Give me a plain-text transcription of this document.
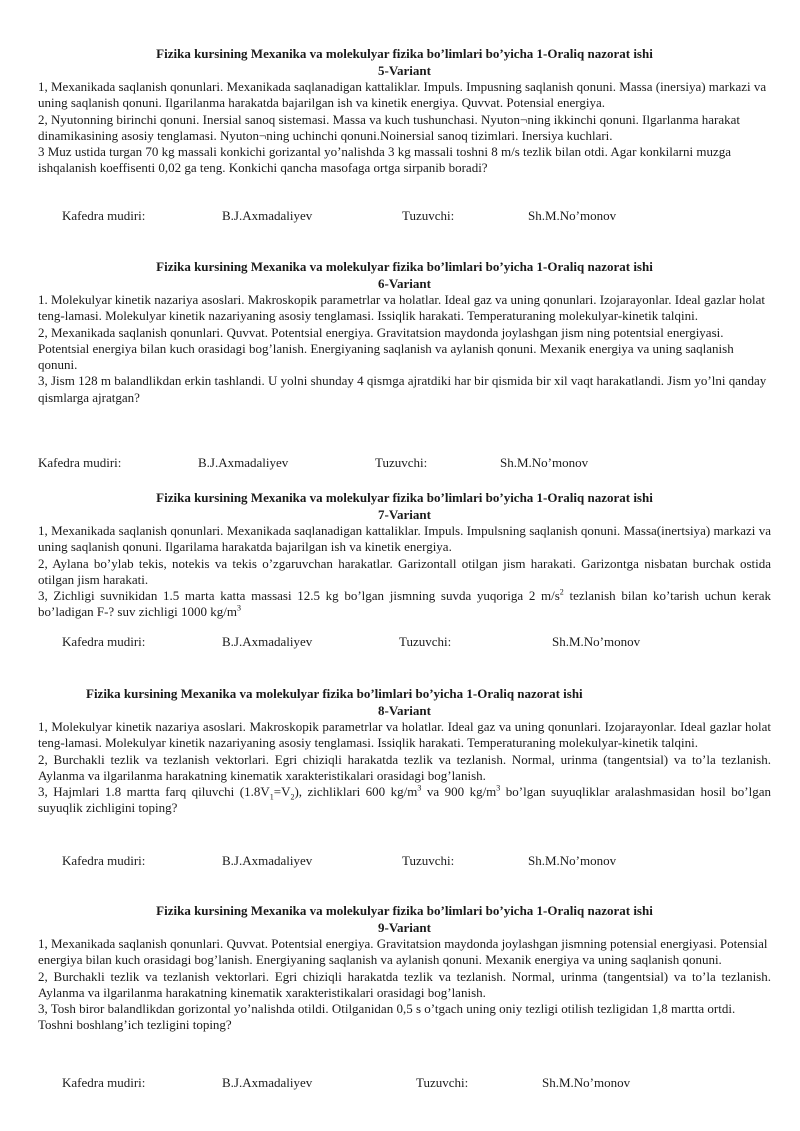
Fizika kursining Mexanika va molekulyar fizika bo’limlari bo’yicha 1-Oraliq nazorat ishi
5-Variant

1, Mexanikada saqlanish qonunlari. Mexanikada saqlanadigan kattaliklar. Impuls. Impusning saqlanish qonuni. Massa (inersiya) markazi va uning saqlanish qonuni. Ilgarilanma harakatda bajarilgan ish va kinetik energiya. Quvvat. Potensial energiya.

2, Nyutonning birinchi qonuni. Inersial sanoq sistemasi. Massa va kuch tushunchasi. Nyuton¬ning ikkinchi qonuni. Ilgarlanma harakat dinamikasining asosiy tenglamasi. Nyuton¬ning uchinchi qonuni.Noinersial sanoq tizimlari. Inersiya kuchlari.

3 Muz ustida turgan 70 kg massali konkichi gorizantal yo’nalishda 3 kg massali toshni 8 m/s tezlik bilan otdi. Agar konkilarni muzga ishqalanish koeffisenti 0,02 ga teng. Konkichi qancha masofaga ortga sirpanib boradi?

Kafedra mudiri:	B.J.Axmadaliyev	Tuzuvchi:	Sh.M.No’monov
Fizika kursining Mexanika va molekulyar fizika bo’limlari bo’yicha 1-Oraliq nazorat ishi
6-Variant

1. Molekulyar kinetik nazariya asoslari. Makroskopik parametrlar va holatlar. Ideal gaz va uning qonunlari. Izojarayonlar. Ideal gazlar holat teng-lamasi. Molekulyar kinetik nazariyaning asosiy tenglamasi. Issiqlik harakati. Temperaturaning molekulyar-kinetik talqini.

2, Mexanikada saqlanish qonunlari. Quvvat. Potentsial energiya. Gravitatsion maydonda joylashgan jism ning potentsial energiyasi. Potentsial energiya bilan kuch orasidagi bog’lanish. Energiyaning saqlanish va aylanish qonuni. Mexanik energiya va uning saqlanish qonuni.

3, Jism 128 m balandlikdan erkin tashlandi. U yolni shunday 4 qismga ajratdiki har bir qismida bir xil vaqt harakatlandi. Jism yo’lni qanday qismlarga ajratgan?

Kafedra mudiri:	B.J.Axmadaliyev	Tuzuvchi:	Sh.M.No’monov
Fizika kursining Mexanika va molekulyar fizika bo’limlari bo’yicha 1-Oraliq nazorat ishi
7-Variant

1, Mexanikada saqlanish qonunlari. Mexanikada saqlanadigan kattaliklar. Impuls. Impulsning saqlanish qonuni. Massa(inertsiya) markazi va uning saqlanish qonuni. Ilgarilama harakatda bajarilgan ish va kinetik energiya.

2, Aylana bo’ylab tekis, notekis va tekis o’zgaruvchan harakatlar. Garizontall otilgan jism harakati. Garizontga nisbatan burchak ostida otilgan jism harakati.

3, Zichligi suvnikidan 1.5 marta katta massasi 12.5 kg bo’lgan jismning suvda yuqoriga 2 $m/s^2$ tezlanish bilan ko’tarish uchun kerak bo’ladigan F-? suv zichligi 1000 $kg/m^3$

Kafedra mudiri:	B.J.Axmadaliyev	Tuzuvchi:	Sh.M.No’monov
Fizika kursining Mexanika va molekulyar fizika bo’limlari bo’yicha 1-Oraliq nazorat ishi
8-Variant

1, Molekulyar kinetik nazariya asoslari. Makroskopik parametrlar va holatlar. Ideal gaz va uning qonunlari. Izojarayonlar. Ideal gazlar holat teng-lamasi. Molekulyar kinetik nazariyaning asosiy tenglamasi. Issiqlik harakati. Temperaturaning molekulyar-kinetik talqini.

2, Burchakli tezlik va tezlanish vektorlari. Egri chiziqli harakatda tezlik va tezlanish. Normal, urinma (tangentsial) va to’la tezlanish. Aylanma va ilgarilanma harakatning kinematik xarakteristikalari orasidagi bog’lanish.

3, Hajmlari 1.8 martta farq qiluvchi $(1.8V_1=V_2)$, zichliklari 600 $kg/m^3$ va 900 $kg/m^3$ bo’lgan suyuqliklar aralashmasidan hosil bo’lgan suyuqlik zichligini toping?

Kafedra mudiri:	B.J.Axmadaliyev	Tuzuvchi:	Sh.M.No’monov
Fizika kursining Mexanika va molekulyar fizika bo’limlari bo’yicha 1-Oraliq nazorat ishi
9-Variant

1, Mexanikada saqlanish qonunlari. Quvvat. Potentsial energiya. Gravitatsion maydonda joylashgan jismning potensial energiyasi. Potensial energiya bilan kuch orasidagi bog’lanish. Energiyaning saqlanish va aylanish qonuni. Mexanik energiya va uning saqlanish qonuni.

2, Burchakli tezlik va tezlanish vektorlari. Egri chiziqli harakatda tezlik va tezlanish. Normal, urinma (tangentsial) va to’la tezlanish. Aylanma va ilgarilanma harakatning kinematik xarakteristikalari orasidagi bog’lanish.

3, Tosh biror balandlikdan gorizontal yo’nalishda otildi. Otilganidan 0,5 s o’tgach uning oniy tezligi otilish tezligidan 1,8 martta ortdi. Toshni boshlang’ich tezligini toping?

Kafedra mudiri:	B.J.Axmadaliyev	Tuzuvchi:	Sh.M.No’monov
